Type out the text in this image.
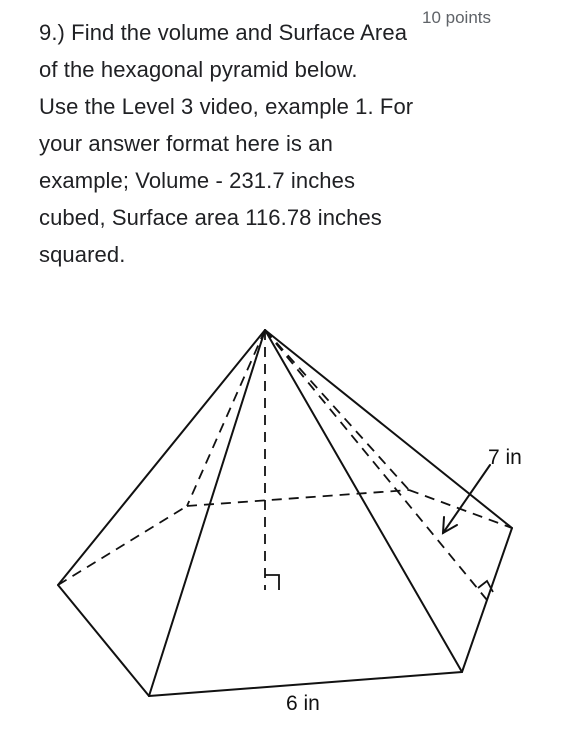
9.) Find the volume and Surface Area
of the hexagonal pyramid below.
Use the Level 3 video, example 1. For
your answer format here is an
example; Volume - 231.7 inches
cubed, Surface area 116.78 inches
squared.
10 points
7 in
6 in
